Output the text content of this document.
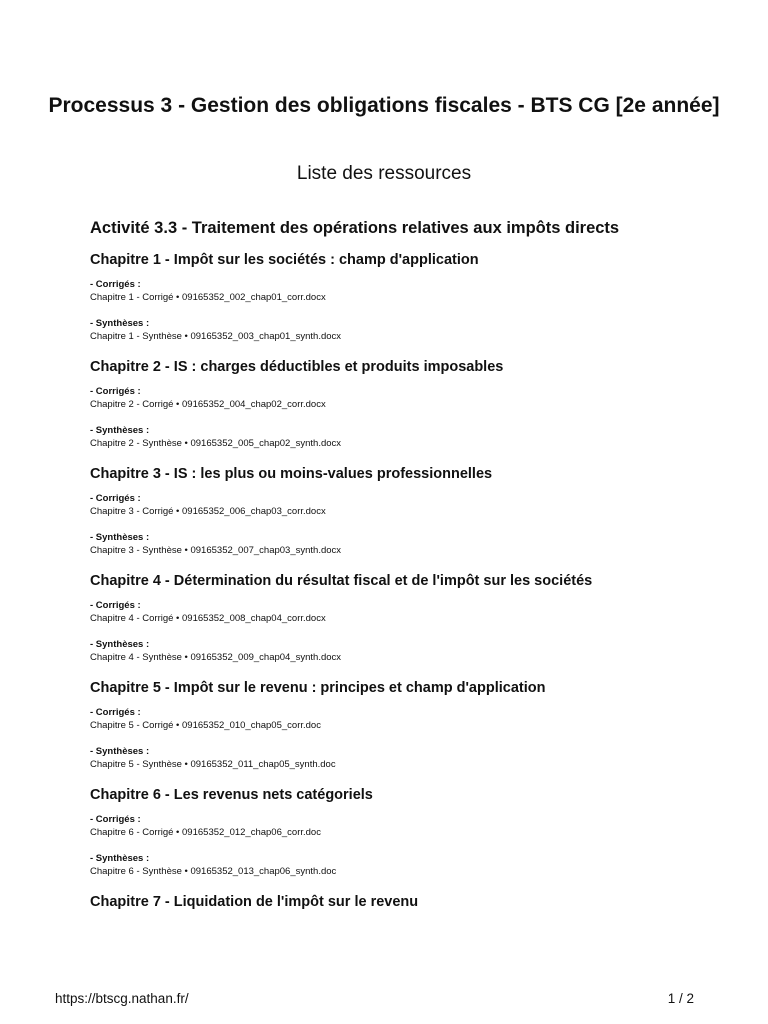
Processus 3 - Gestion des obligations fiscales - BTS CG [2e année]

Liste des ressources

Activité 3.3 - Traitement des opérations relatives aux impôts directs
Chapitre 1 - Impôt sur les sociétés : champ d'application

- Corrigés :

Chapitre 1 - Corrigé • 09165352_002_chap01_corr.docx

- Synthèses :

Chapitre 1 - Synthèse • 09165352_003_chap01_synth.docx

Chapitre 2 - IS : charges déductibles et produits imposables

- Corrigés :

Chapitre 2 - Corrigé • 09165352_004_chap02_corr.docx

- Synthèses :

Chapitre 2 - Synthèse • 09165352_005_chap02_synth.docx

Chapitre 3 - IS : les plus ou moins-values professionnelles

- Corrigés :

Chapitre 3 - Corrigé • 09165352_006_chap03_corr.docx

- Synthèses :

Chapitre 3 - Synthèse • 09165352_007_chap03_synth.docx

Chapitre 4 - Détermination du résultat fiscal et de l'impôt sur les sociétés

- Corrigés :

Chapitre 4 - Corrigé • 09165352_008_chap04_corr.docx

- Synthèses :

Chapitre 4 - Synthèse • 09165352_009_chap04_synth.docx

Chapitre 5 - Impôt sur le revenu : principes et champ d'application

- Corrigés :

Chapitre 5 - Corrigé • 09165352_010_chap05_corr.doc

- Synthèses :

Chapitre 5 - Synthèse • 09165352_011_chap05_synth.doc

Chapitre 6 - Les revenus nets catégoriels

- Corrigés :

Chapitre 6 - Corrigé • 09165352_012_chap06_corr.doc

- Synthèses :

Chapitre 6 - Synthèse • 09165352_013_chap06_synth.doc

Chapitre 7 - Liquidation de l'impôt sur le revenu
https://btscg.nathan.fr/	1 / 2
